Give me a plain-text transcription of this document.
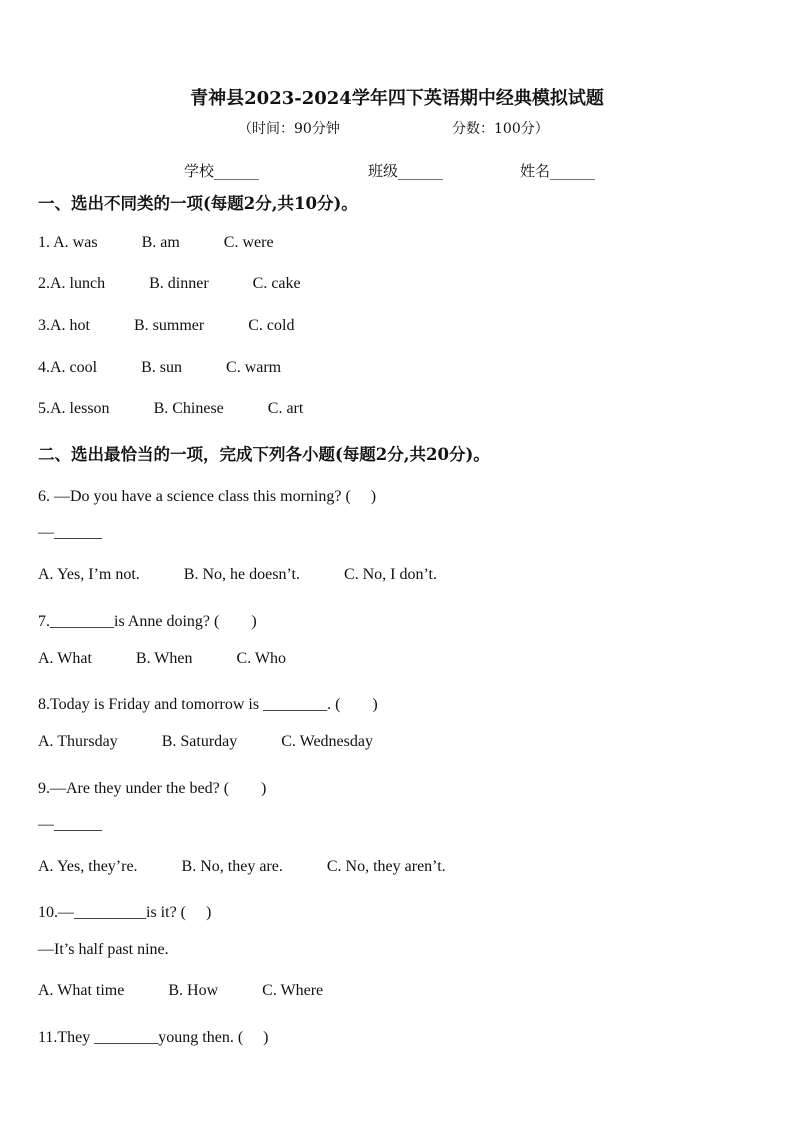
青神县2023-2024学年四下英语期中经典模拟试题
（时间：90分钟	分数：100分）
学校______	班级______	姓名______
一、选出不同类的一项(每题2分,共10分)。
1. A. was	B. am	C. were
2.A. lunch	B. dinner	C. cake
3.A. hot	B. summer	C. cold
4.A. cool	B. sun	C. warm
5.A. lesson	B. Chinese	C. art
二、选出最恰当的一项，完成下列各小题(每题2分,共20分)。
6. —Do you have a science class this morning? (　 )
—______
A. Yes, I’m not.	B. No, he doesn’t.	C. No, I don’t.
7.________is Anne doing? (　　)
A. What	B. When	C. Who
8.Today is Friday and tomorrow is ________. (　　)
A. Thursday	B. Saturday	C. Wednesday
9.—Are they under the bed? (　　)
—______
A. Yes, they’re.	B. No, they are.	C. No, they aren’t.
10.—_________is it? (　 )
—It’s half past nine.
A. What time	B. How	C. Where
11.They ________young then. (　 )
